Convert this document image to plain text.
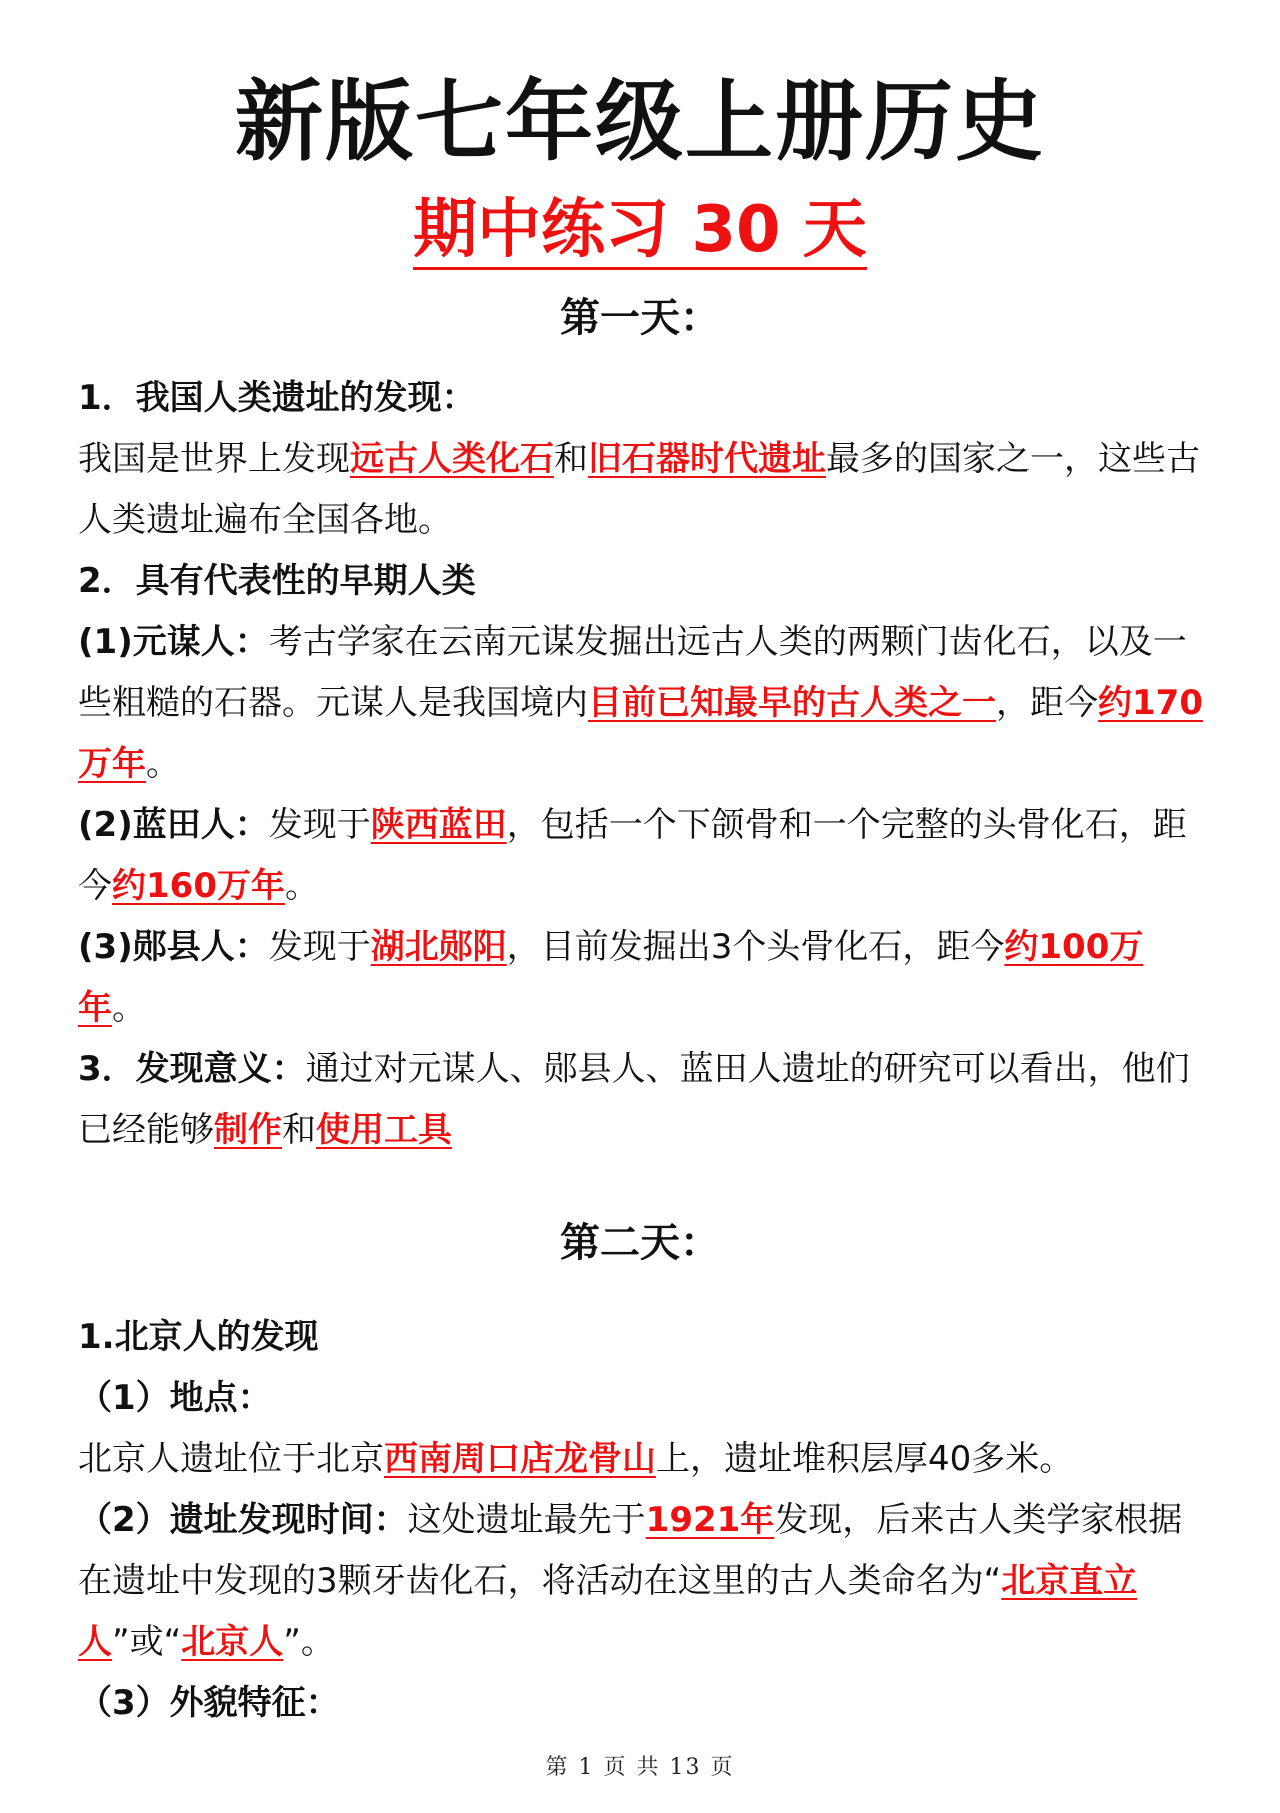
新版七年级上册历史
期中练习 30 天
第一天：

1．我国人类遗址的发现：

我国是世界上发现远古人类化石和旧石器时代遗址最多的国家之一，这些古人类遗址遍布全国各地。

2．具有代表性的早期人类

(1)元谋人：考古学家在云南元谋发掘出远古人类的两颗门齿化石，以及一些粗糙的石器。元谋人是我国境内目前已知最早的古人类之一，距今约170万年。

(2)蓝田人：发现于陕西蓝田，包括一个下颌骨和一个完整的头骨化石，距今约160万年。

(3)郧县人：发现于湖北郧阳，目前发掘出3个头骨化石，距今约100万年。

3．发现意义：通过对元谋人、郧县人、蓝田人遗址的研究可以看出，他们已经能够制作和使用工具

第二天：

1.北京人的发现

（1）地点：

北京人遗址位于北京西南周口店龙骨山上，遗址堆积层厚40多米。

（2）遗址发现时间：这处遗址最先于1921年发现，后来古人类学家根据在遗址中发现的3颗牙齿化石，将活动在这里的古人类命名为“北京直立人”或“北京人”。

（3）外貌特征：

第 1 页 共 13 页
